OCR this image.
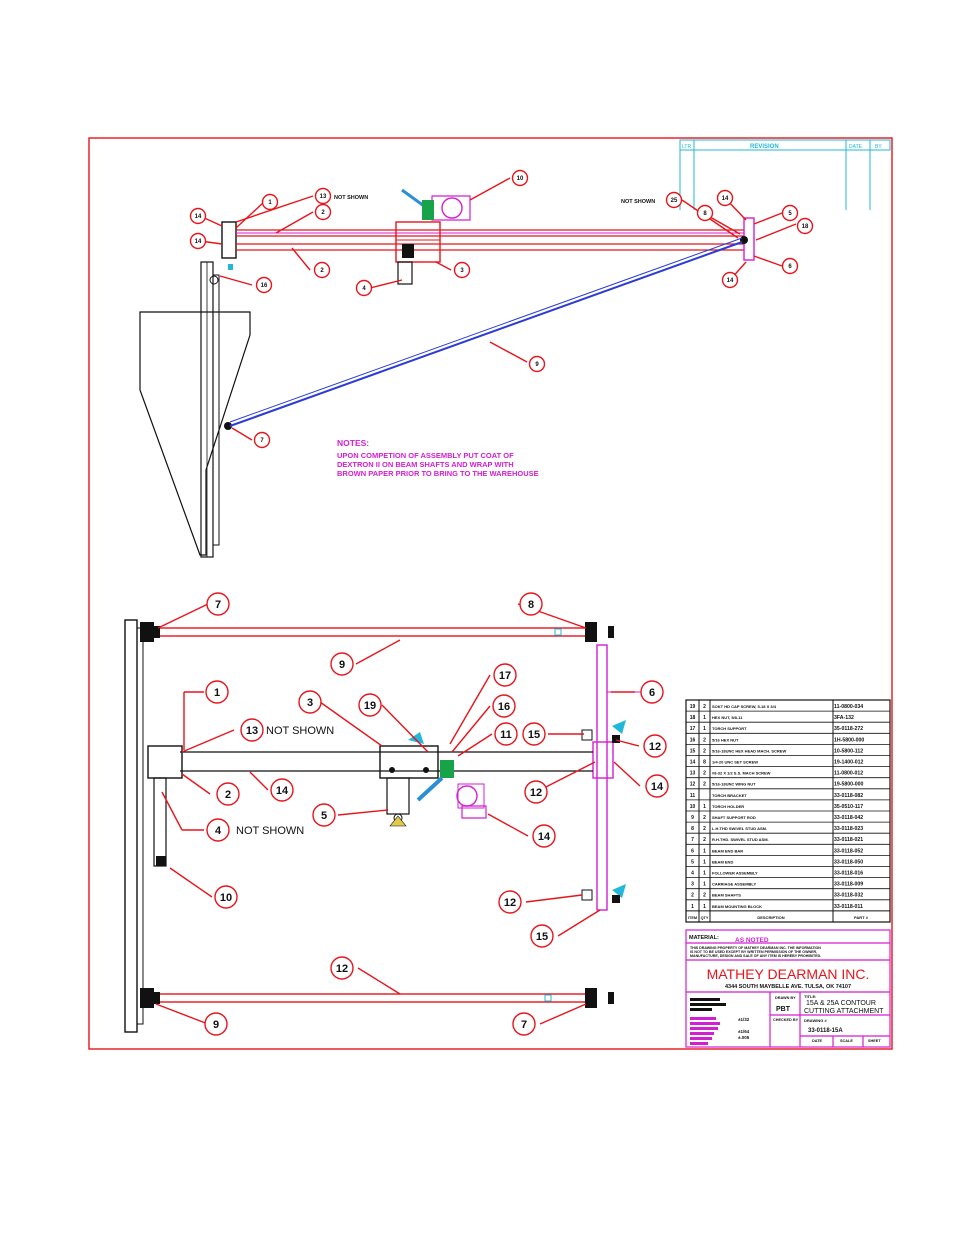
LTR	REVISION	DATE	BY
13
1
2
14
14
16
2
4
3
10
25
8
14
5
18
6
14
9
7
NOT SHOWN
NOT SHOWN
NOTES:
UPON COMPETION OF ASSEMBLY PUT COAT OF
DEXTRON II ON BEAM SHAFTS AND WRAP WITH
BROWN PAPER PRIOR TO BRING TO THE WAREHOUSE
7	8
9
1
13
3	19
17
16
11 15
12
6
14
2
14
12
4
5
14
10	12
15
12
9	7
NOT SHOWN
NOT SHOWN
19 2 SOKT HD CAP SCREW, 5-18 X 3/4	11-0800-034
18 1 HEX NUT, 5/8-11	3FA-132
17 1 TORCH SUPPORT	35-0118-272
16 2 5/16 HEX NUT	1H-5800-000
15 2 5/16-18UNC HEX HEAD MACH. SCREW	10-5800-112
14 8 1/4-20 UNC SET SCREW	19-1400-012
13 2 #8-32 X 1/2 S.S. MACH SCREW	11-0800-012
12 2 5/16-18UNC WING NUT	19-5800-000
11	TORCH BRACKET	33-0118-082
10 1 TORCH HOLDER	35-0510-117
9 2 SHAFT SUPPORT ROD	33-0118-042
8 2 L.H.THD SWIVEL STUD ASM.	33-0118-023
7 2 R.H.THD. SWIVEL STUD ASM.	33-0118-021
6 1 BEAM END BAR	33-0118-052
5 1 BEAM END	33-0118-050
4 1 FOLLOWER ASSEMBLY	33-0118-016
3 1 CARRIAGE ASSEMBLY	33-0118-009
2 2 BEAM SHAFTS	33-0118-032
1 1 BEAM MOUNTING BLOCK	33-0118-011
ITEM QTY	DESCRIPTION	PART #
MATERIAL: AS NOTED
THIS DRAWING PROPERTY OF MATHEY DEARMAN INC. THE INFORMATION
IS NOT TO BE USED EXCEPT BY WRITTEN PERMISSION OF THE OWNER,
MANUFACTURE, DESIGN AND SALE OF ANY ITEM IS HEREBY PROHIBITED.
MATHEY DEARMAN INC.
4344 SOUTH MAYBELLE AVE. TULSA, OK 74107
DRAWN BY
PBT
CHECKED BY
TITLE:
15A & 25A CONTOUR
CUTTING ATTACHMENT
DRAWING #
33-0118-15A
DATE	SCALE	SHEET
±1/32
±1/64
±.005
